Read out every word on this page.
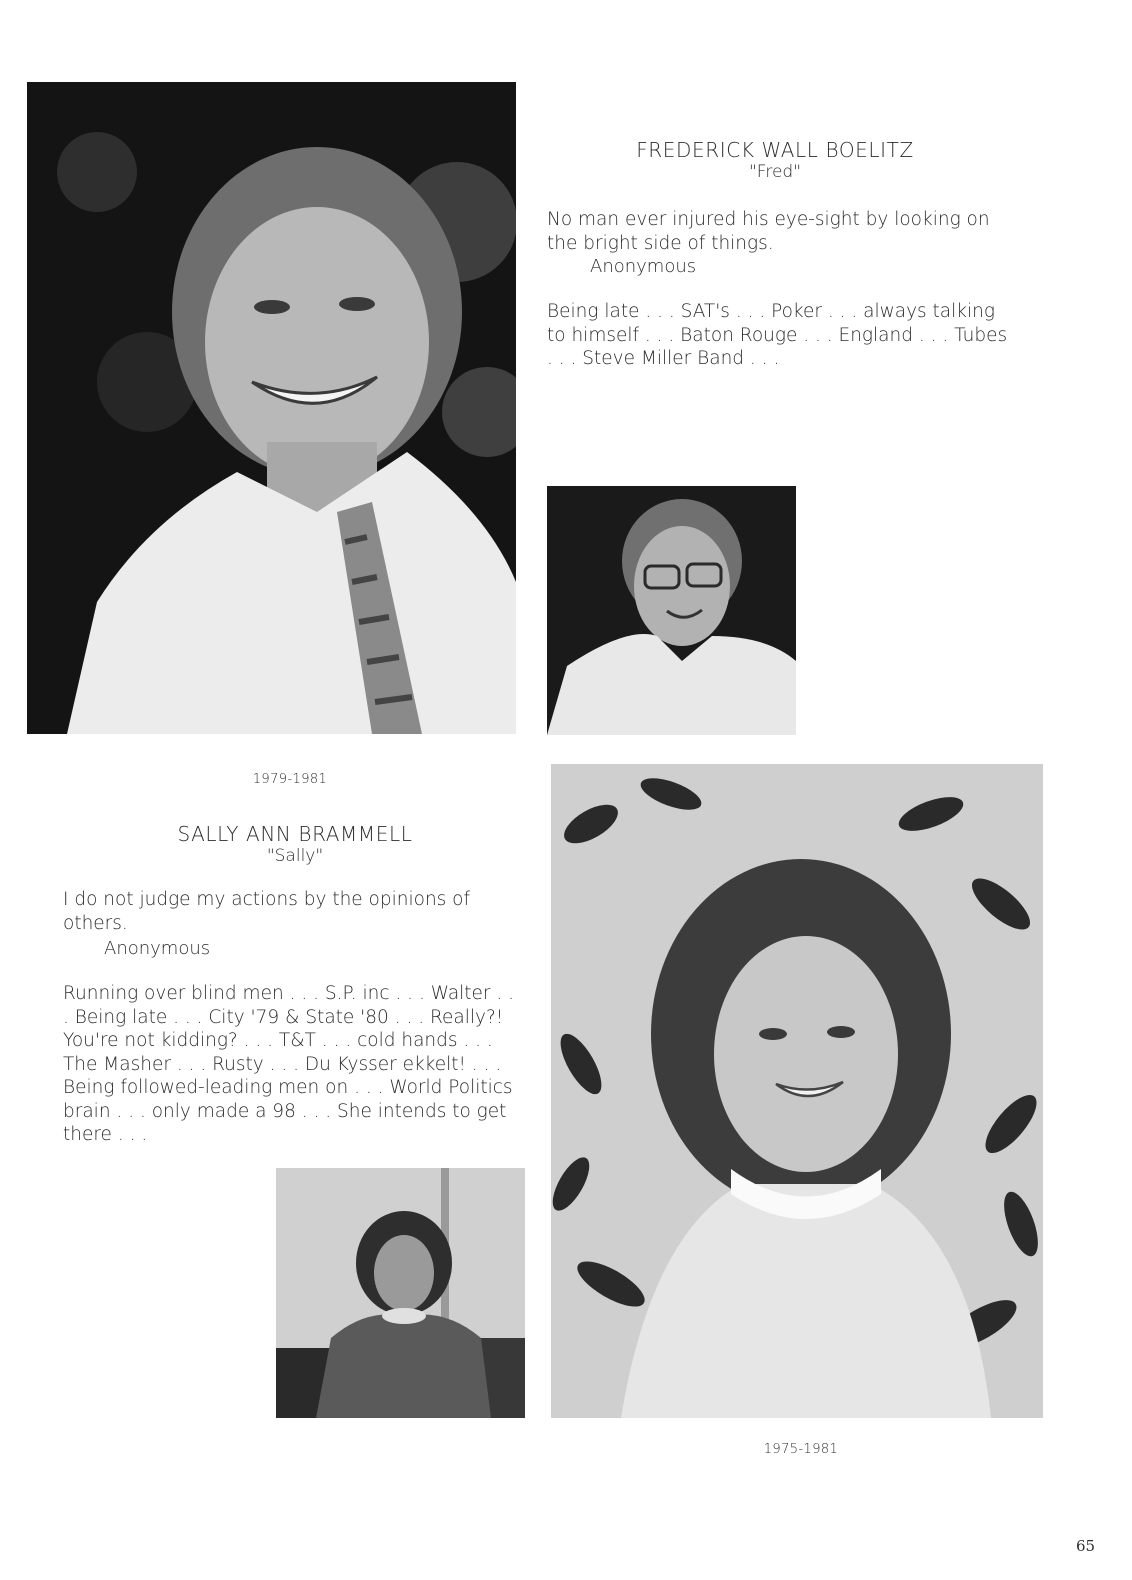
FREDERICK WALL BOELITZ
"Fred"
No man ever injured his eye-sight by looking on the bright side of things.
Anonymous
Being late . . . SAT's . . . Poker . . . always talking to himself . . . Baton Rouge . . . England . . . Tubes . . . Steve Miller Band . . .
1979-1981
SALLY ANN BRAMMELL
"Sally"
I do not judge my actions by the opinions of others.
Anonymous
Running over blind men . . . S.P. inc . . . Walter . . . Being late . . . City '79 & State '80 . . . Really?! You're not kidding? . . . T&T . . . cold hands . . . The Masher . . . Rusty . . . Du Kysser ekkelt! . . . Being followed-leading men on . . . World Politics brain . . . only made a 98 . . . She intends to get there . . .
1975-1981
65
